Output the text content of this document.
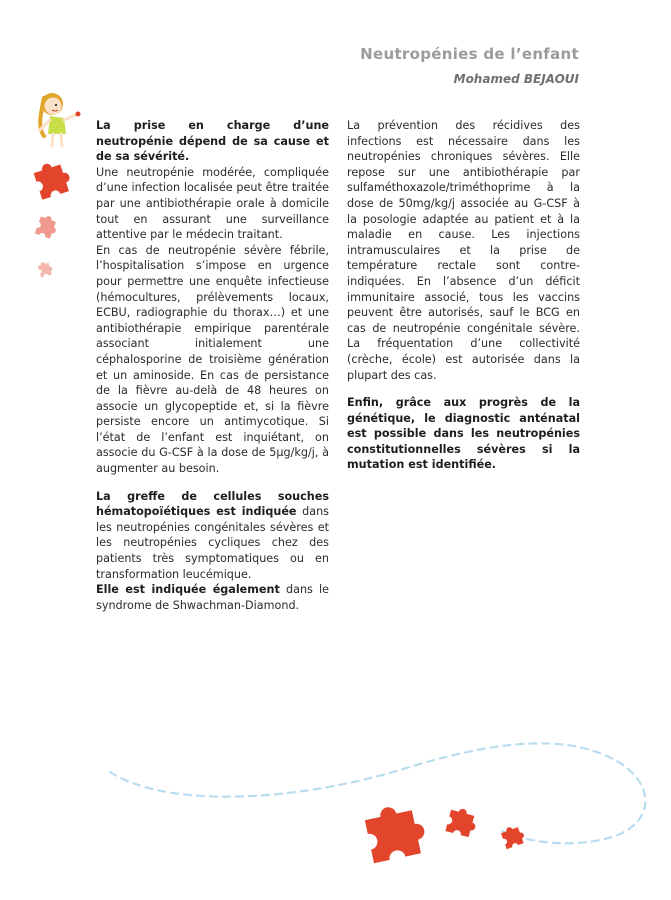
Neutropénies de l’enfant
Mohamed BEJAOUI

La prise en charge d’une neutropénie dépend de sa cause et de sa sévérité.

Une neutropénie modérée, compliquée d’une infection localisée peut être traitée par une antibiothérapie orale à domicile tout en assurant une surveillance attentive par le médecin traitant.

En cas de neutropénie sévère fébrile, l’hospitalisation s’impose en urgence pour permettre une enquête infectieuse (hémocultures, prélèvements locaux, ECBU, radiographie du thorax…) et une antibiothérapie empirique parentérale associant initialement une céphalosporine de troisième génération et un aminoside. En cas de persistance de la fièvre au-delà de 48 heures on associe un glycopeptide et, si la fièvre persiste encore un antimycotique. Si l’état de l’enfant est inquiétant, on associe du G-CSF à la dose de 5µg/kg/j, à augmenter au besoin.

La greffe de cellules souches hématopoïétiques est indiquée dans les neutropénies congénitales sévères et les neutropénies cycliques chez des patients très symptomatiques ou en transformation leucémique.

Elle est indiquée également dans le syndrome de Shwachman-Diamond.

La prévention des récidives des infections est nécessaire dans les neutropénies chroniques sévères. Elle repose sur une antibiothérapie par sulfaméthoxazole/triméthoprime à la dose de 50mg/kg/j associée au G-CSF à la posologie adaptée au patient et à la maladie en cause. Les injections intramusculaires et la prise de température rectale sont contre-indiquées. En l’absence d’un déficit immunitaire associé, tous les vaccins peuvent être autorisés, sauf le BCG en cas de neutropénie congénitale sévère. La fréquentation d’une collectivité (crèche, école) est autorisée dans la plupart des cas.

Enfin, grâce aux progrès de la génétique, le diagnostic anténatal est possible dans les neutropénies constitutionnelles sévères si la mutation est identifiée.
